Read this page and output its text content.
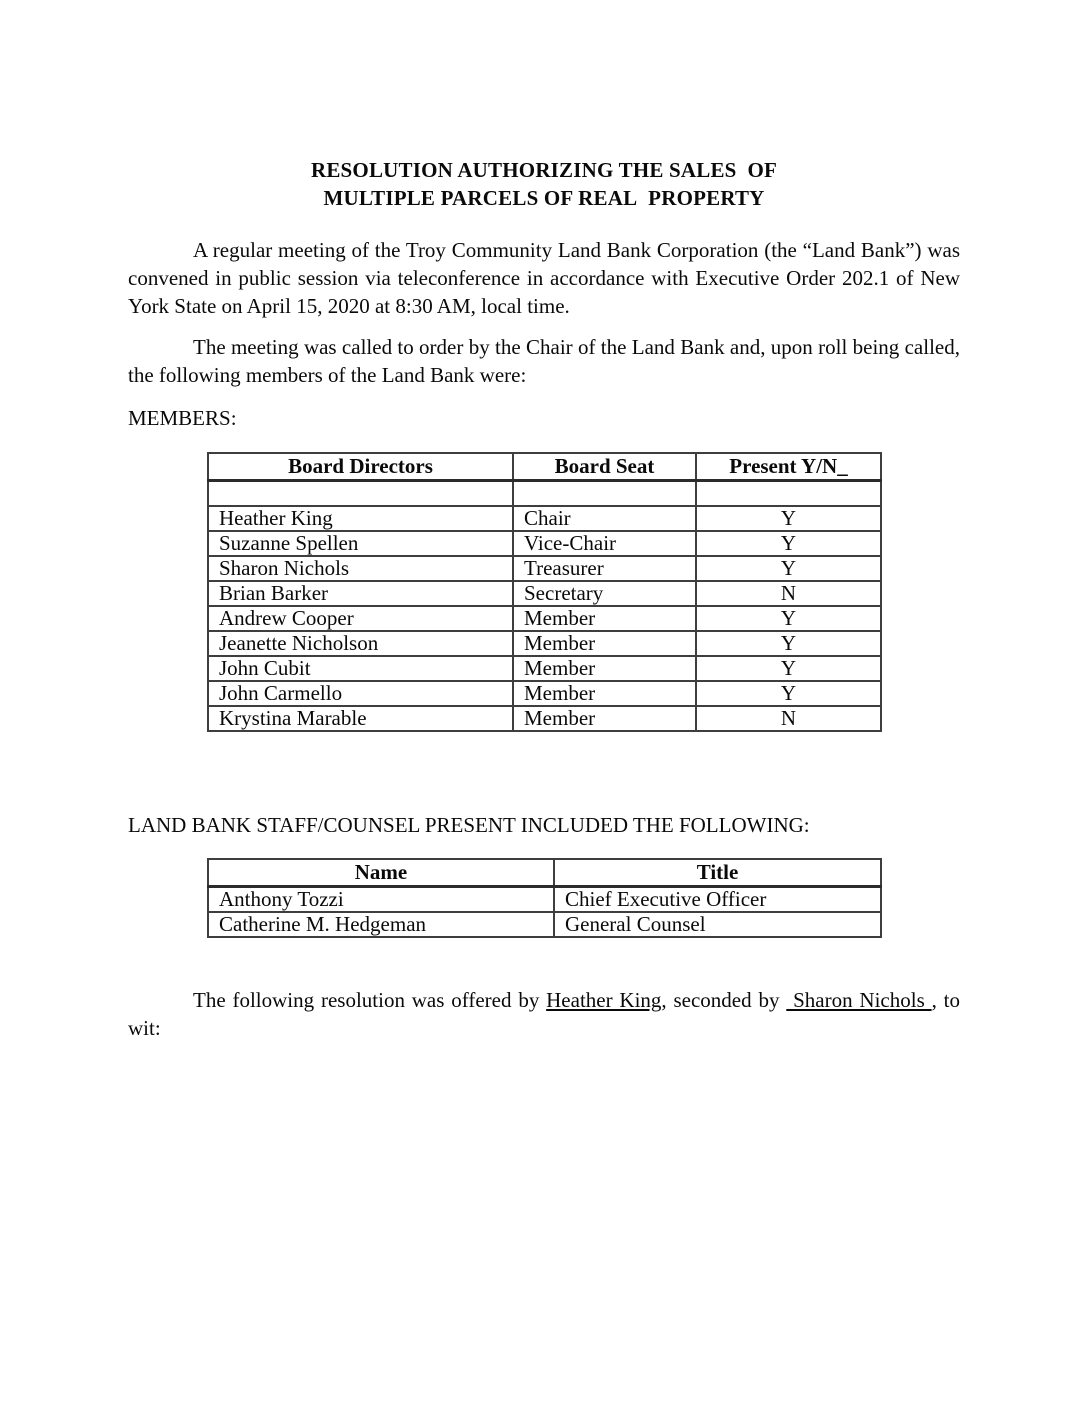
RESOLUTION AUTHORIZING THE SALES  OF
MULTIPLE PARCELS OF REAL  PROPERTY

A regular meeting of the Troy Community Land Bank Corporation (the “Land Bank”) was convened in public session via teleconference in accordance with Executive Order 202.1 of New York State on April 15, 2020 at 8:30 AM, local time.

The meeting was called to order by the Chair of the Land Bank and, upon roll being called, the following members of the Land Bank were:

MEMBERS:
Board Directors	Board Seat	Present Y/N_

Heather King	Chair	Y
Suzanne Spellen	Vice-Chair	Y
Sharon Nichols	Treasurer	Y
Brian Barker	Secretary	N
Andrew Cooper	Member	Y
Jeanette Nicholson	Member	Y
John Cubit	Member	Y
John Carmello	Member	Y
Krystina Marable	Member	N
LAND BANK STAFF/COUNSEL PRESENT INCLUDED THE FOLLOWING:
Name	Title
Anthony Tozzi	Chief Executive Officer
Catherine M. Hedgeman	General Counsel

The following resolution was offered by Heather King, seconded by  Sharon Nichols , to wit:
